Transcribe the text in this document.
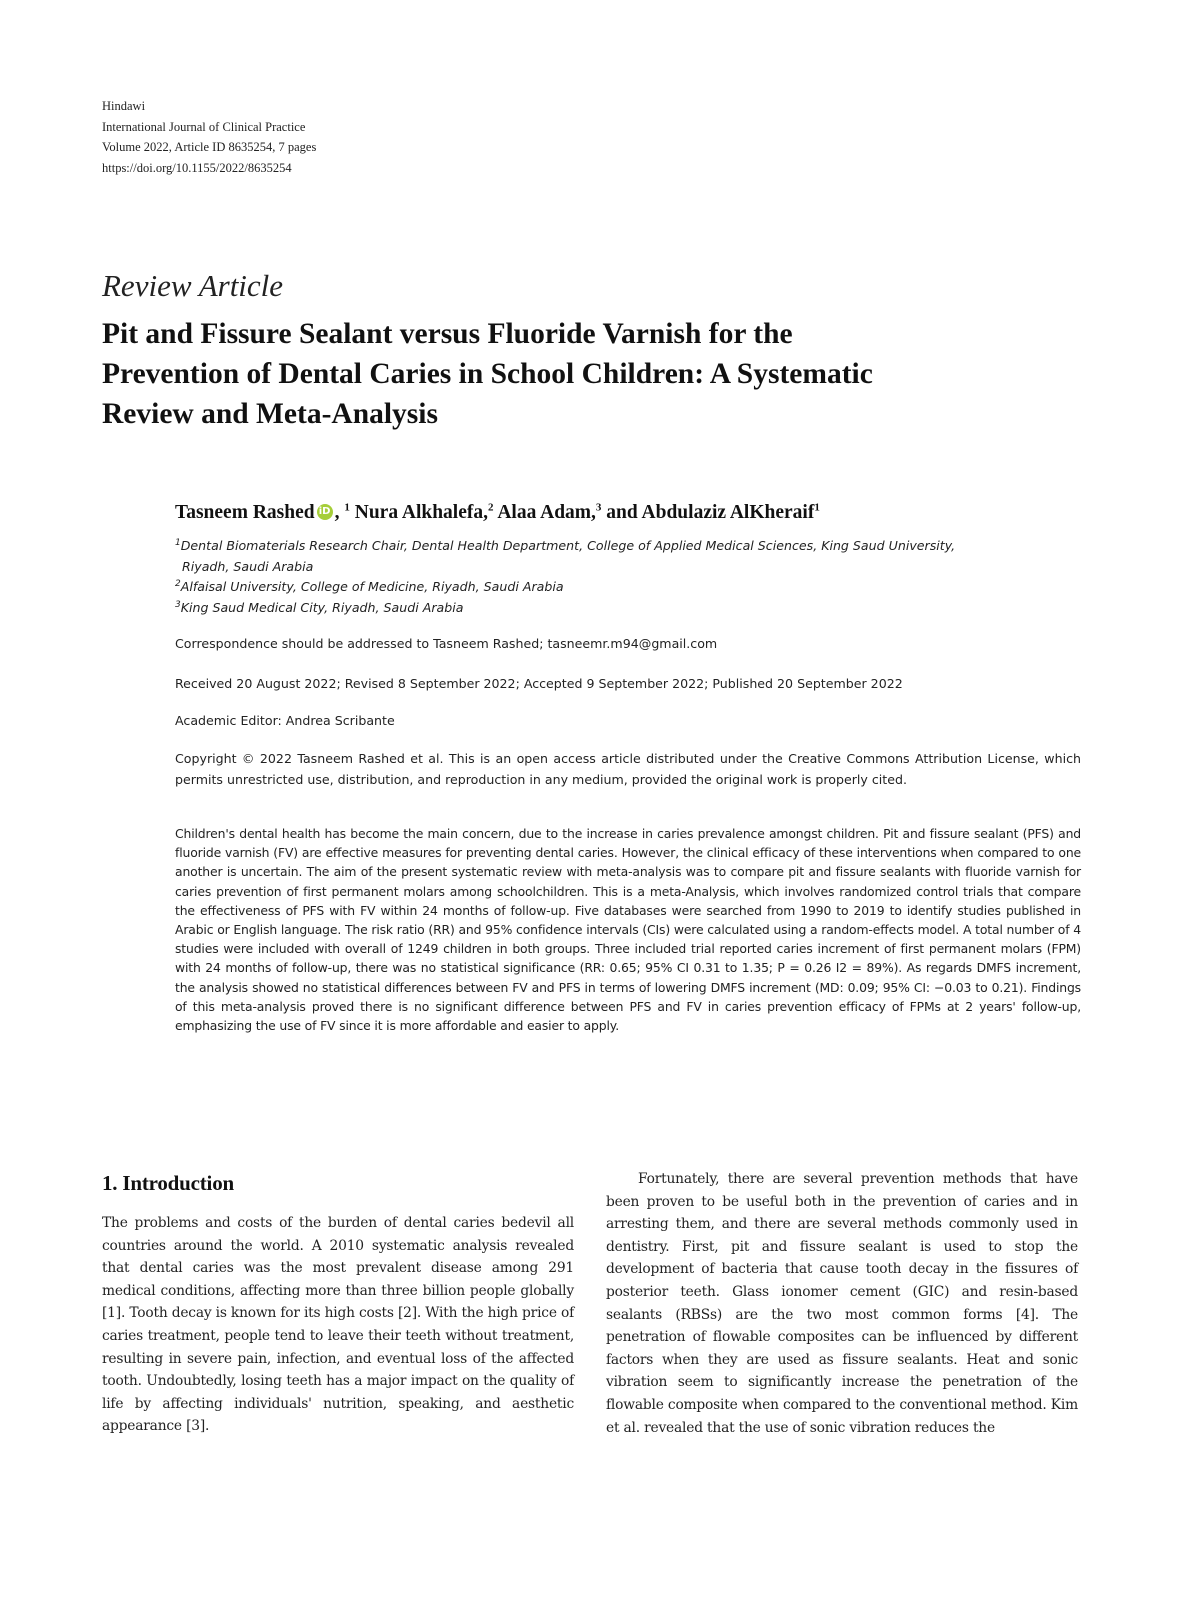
Hindawi
International Journal of Clinical Practice
Volume 2022, Article ID 8635254, 7 pages
https://doi.org/10.1155/2022/8635254
Review Article
Pit and Fissure Sealant versus Fluoride Varnish for the
Prevention of Dental Caries in School Children: A Systematic
Review and Meta-Analysis
Tasneem Rashed iD , $^1$ Nura Alkhalefa,$^2$ Alaa Adam,$^3$ and Abdulaziz AlKheraif$^1$
$^1$Dental Biomaterials Research Chair, Dental Health Department, College of Applied Medical Sciences, King Saud University,
Riyadh, Saudi Arabia
$^2$Alfaisal University, College of Medicine, Riyadh, Saudi Arabia
$^3$King Saud Medical City, Riyadh, Saudi Arabia
Correspondence should be addressed to Tasneem Rashed; tasneemr.m94@gmail.com
Received 20 August 2022; Revised 8 September 2022; Accepted 9 September 2022; Published 20 September 2022
Academic Editor: Andrea Scribante
Copyright © 2022 Tasneem Rashed et al. This is an open access article distributed under the Creative Commons Attribution License, which permits unrestricted use, distribution, and reproduction in any medium, provided the original work is properly cited.
Children's dental health has become the main concern, due to the increase in caries prevalence amongst children. Pit and fissure sealant (PFS) and fluoride varnish (FV) are effective measures for preventing dental caries. However, the clinical efficacy of these interventions when compared to one another is uncertain. The aim of the present systematic review with meta-analysis was to compare pit and fissure sealants with fluoride varnish for caries prevention of first permanent molars among schoolchildren. This is a meta-Analysis, which involves randomized control trials that compare the effectiveness of PFS with FV within 24 months of follow-up. Five databases were searched from 1990 to 2019 to identify studies published in Arabic or English language. The risk ratio (RR) and 95% confidence intervals (CIs) were calculated using a random-effects model. A total number of 4 studies were included with overall of 1249 children in both groups. Three included trial reported caries increment of first permanent molars (FPM) with 24 months of follow-up, there was no statistical significance (RR: 0.65; 95% CI 0.31 to 1.35; P = 0.26 I2 = 89%). As regards DMFS increment, the analysis showed no statistical differences between FV and PFS in terms of lowering DMFS increment (MD: 0.09; 95% CI: −0.03 to 0.21). Findings of this meta-analysis proved there is no significant difference between PFS and FV in caries prevention efficacy of FPMs at 2 years' follow-up, emphasizing the use of FV since it is more affordable and easier to apply.
1. Introduction

The problems and costs of the burden of dental caries bedevil all countries around the world. A 2010 systematic analysis revealed that dental caries was the most prevalent disease among 291 medical conditions, affecting more than three billion people globally [1]. Tooth decay is known for its high costs [2]. With the high price of caries treatment, people tend to leave their teeth without treatment, resulting in severe pain, infection, and eventual loss of the affected tooth. Undoubtedly, losing teeth has a major impact on the quality of life by affecting individuals' nutrition, speaking, and aesthetic appearance [3].

Fortunately, there are several prevention methods that have been proven to be useful both in the prevention of caries and in arresting them, and there are several methods commonly used in dentistry. First, pit and fissure sealant is used to stop the development of bacteria that cause tooth decay in the fissures of posterior teeth. Glass ionomer cement (GIC) and resin-based sealants (RBSs) are the two most common forms [4]. The penetration of flowable composites can be influenced by different factors when they are used as fissure sealants. Heat and sonic vibration seem to significantly increase the penetration of the flowable composite when compared to the conventional method. Kim et al. revealed that the use of sonic vibration reduces the
